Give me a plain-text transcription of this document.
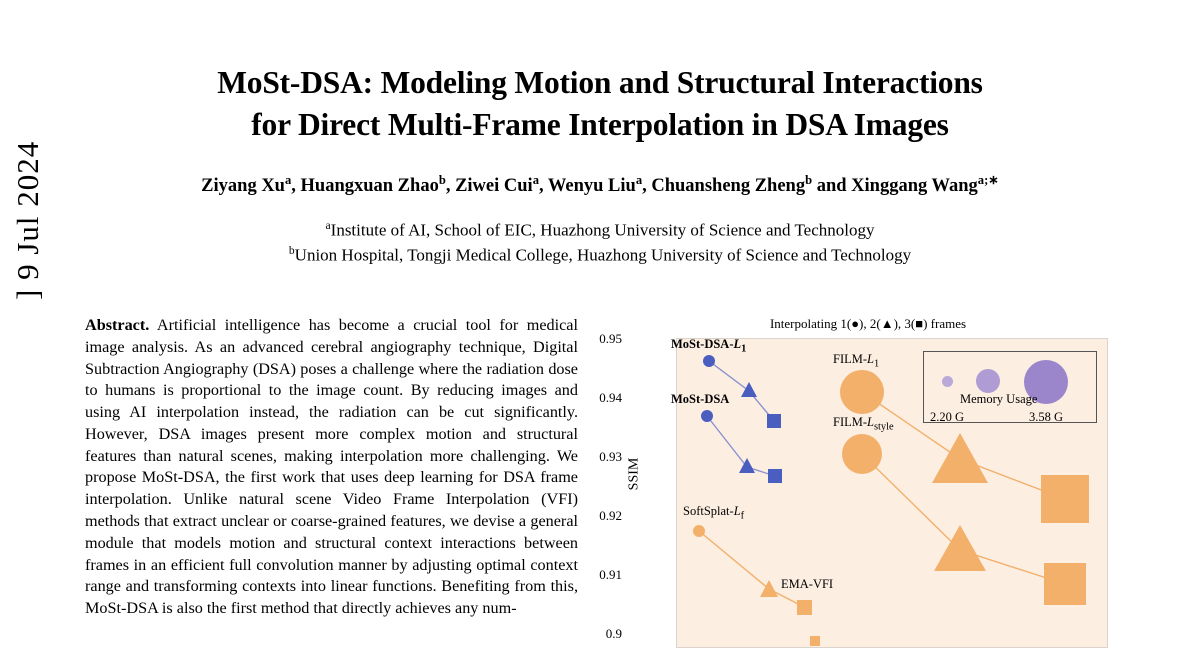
] 9 Jul 2024
MoSt-DSA: Modeling Motion and Structural Interactions
for Direct Multi-Frame Interpolation in DSA Images
Ziyang Xu$^a$, Huangxuan Zhao$^b$, Ziwei Cui$^a$, Wenyu Liu$^a$, Chuansheng Zheng$^b$ and Xinggang Wang$^{a;∗}$
$^a$Institute of AI, School of EIC, Huazhong University of Science and Technology
$^b$Union Hospital, Tongji Medical College, Huazhong University of Science and Technology
Abstract. Artificial intelligence has become a crucial tool for medical image analysis. As an advanced cerebral angiography technique, Digital Subtraction Angiography (DSA) poses a challenge where the radiation dose to humans is proportional to the image count. By reducing images and using AI interpolation instead, the radiation can be cut significantly. However, DSA images present more complex motion and structural features than natural scenes, making interpolation more challenging. We propose MoSt-DSA, the first work that uses deep learning for DSA frame interpolation. Unlike natural scene Video Frame Interpolation (VFI) methods that extract unclear or coarse-grained features, we devise a general module that models motion and structural context interactions between frames in an efficient full convolution manner by adjusting optimal context range and transforming contexts into linear functions. Benefiting from this, MoSt-DSA is also the first method that directly achieves any num-
Interpolating 1(●), 2(▲), 3(■) frames
SSIM
0.95
0.94
0.93
0.92
0.91
0.9
MoSt-$DSA-L_1$
MoSt-DSA
FILM-$L_1$
FILM-$L_{style}$
SoftSplat-$L_f$
EMA-VFI
Memory Usage
2.20 G	3.58 G
